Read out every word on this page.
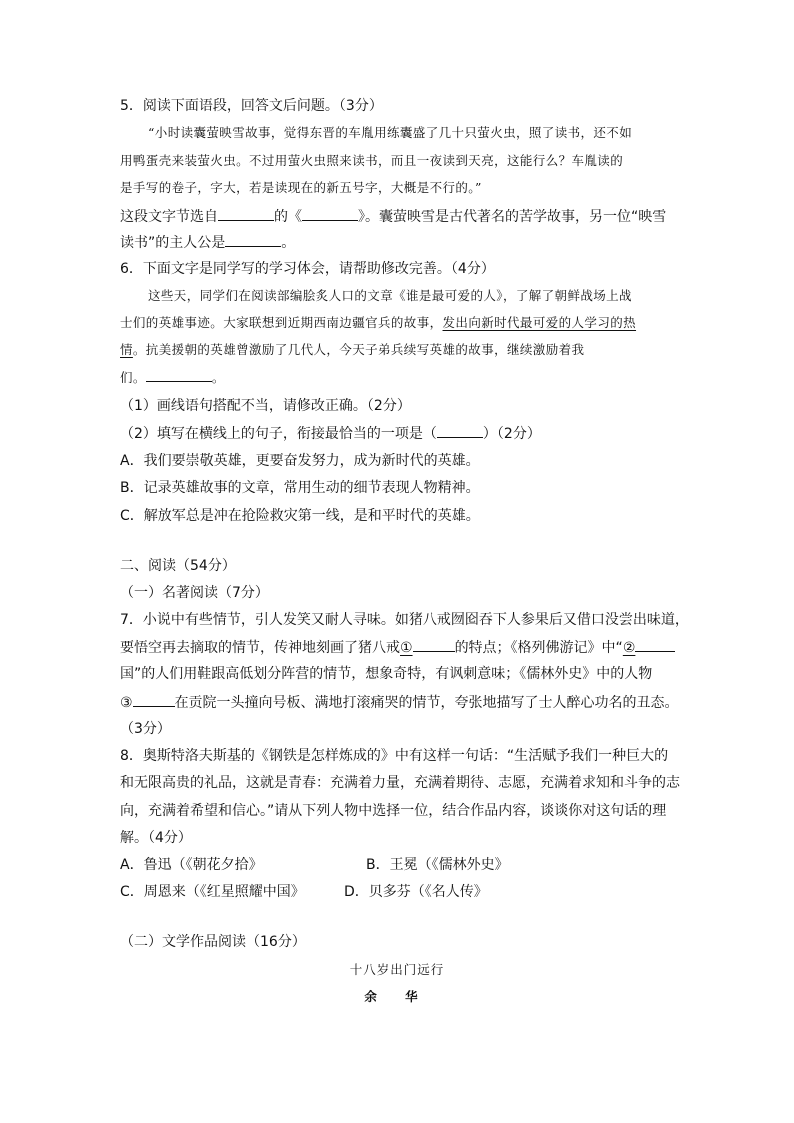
5．阅读下面语段，回答文后问题。（3分）
“小时读囊萤映雪故事，觉得东晋的车胤用练囊盛了几十只萤火虫，照了读书，还不如
用鸭蛋壳来装萤火虫。不过用萤火虫照来读书，而且一夜读到天亮，这能行么？车胤读的
是手写的卷子，字大，若是读现在的新五号字，大概是不行的。”
这段文字节选自	的《	》。囊萤映雪是古代著名的苦学故事，另一位“映雪
读书”的主人公是	。
6．下面文字是同学写的学习体会，请帮助修改完善。（4分）
这些天，同学们在阅读部编脍炙人口的文章《谁是最可爱的人》，了解了朝鲜战场上战
士们的英雄事迹。大家联想到近期西南边疆官兵的故事，发出向新时代最可爱的人学习的热
情。抗美援朝的英雄曾激励了几代人，今天子弟兵续写英雄的故事，继续激励着我
们。	。
（1）画线语句搭配不当，请修改正确。（2分）
（2）填写在横线上的句子，衔接最恰当的一项是（	）（2分）
A．我们要崇敬英雄，更要奋发努力，成为新时代的英雄。
B．记录英雄故事的文章，常用生动的细节表现人物精神。
C．解放军总是冲在抢险救灾第一线，是和平时代的英雄。
二、阅读（54分）
（一）名著阅读（7分）
7．小说中有些情节，引人发笑又耐人寻味。如猪八戒囫囵吞下人参果后又借口没尝出味道，
要悟空再去摘取的情节，传神地刻画了猪八戒①	的特点；《格列佛游记》中“②
国”的人们用鞋跟高低划分阵营的情节，想象奇特，有讽刺意味；《儒林外史》中的人物
③	在贡院一头撞向号板、满地打滚痛哭的情节，夸张地描写了士人醉心功名的丑态。
（3分）
8．奥斯特洛夫斯基的《钢铁是怎样炼成的》中有这样一句话：“生活赋予我们一种巨大的
和无限高贵的礼品，这就是青春：充满着力量，充满着期待、志愿，充满着求知和斗争的志
向，充满着希望和信心。”请从下列人物中选择一位，结合作品内容，谈谈你对这句话的理
解。（4分）
A．鲁迅（《朝花夕拾》	B．王冕（《儒林外史》
C．周恩来（《红星照耀中国》	D．贝多芬（《名人传》
（二）文学作品阅读（16分）
十八岁出门远行
余 华
